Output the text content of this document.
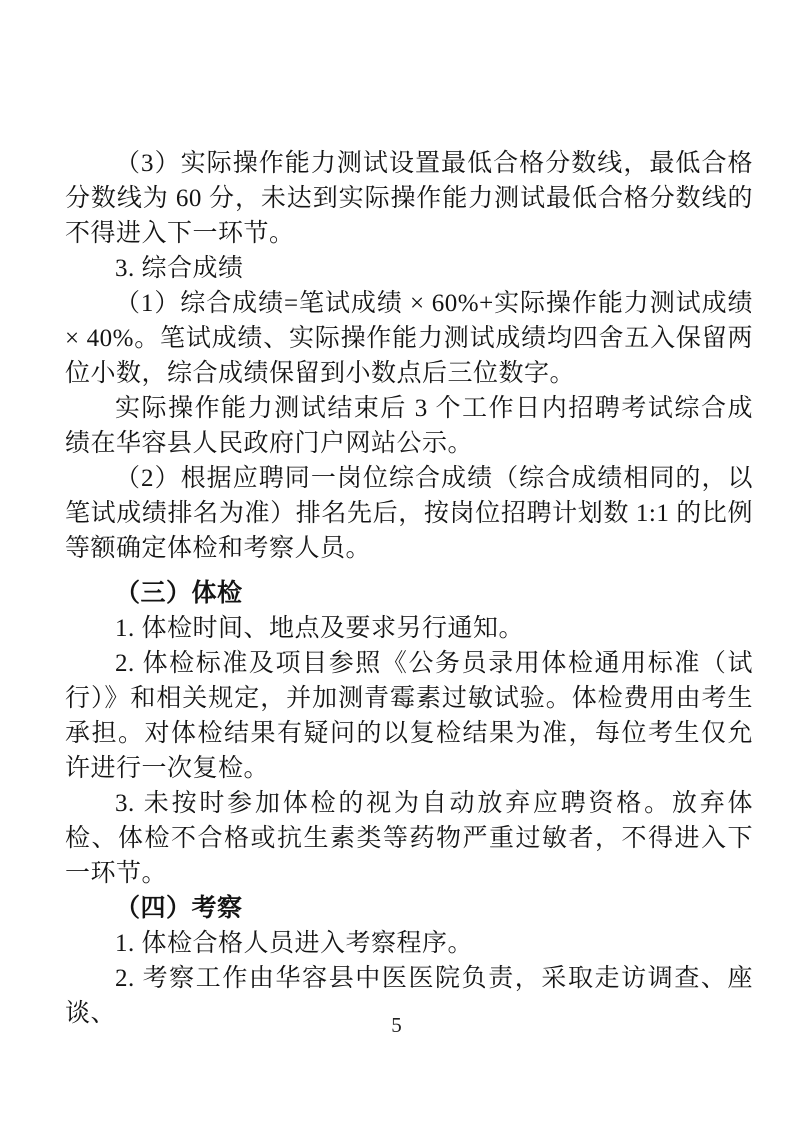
（3）实际操作能力测试设置最低合格分数线，最低合格分数线为 60 分，未达到实际操作能力测试最低合格分数线的不得进入下一环节。

3. 综合成绩

（1）综合成绩=笔试成绩 × 60%+实际操作能力测试成绩 × 40%。笔试成绩、实际操作能力测试成绩均四舍五入保留两位小数，综合成绩保留到小数点后三位数字。

实际操作能力测试结束后 3 个工作日内招聘考试综合成绩在华容县人民政府门户网站公示。

（2）根据应聘同一岗位综合成绩（综合成绩相同的，以笔试成绩排名为准）排名先后，按岗位招聘计划数 1:1 的比例等额确定体检和考察人员。

（三）体检

1. 体检时间、地点及要求另行通知。

2. 体检标准及项目参照《公务员录用体检通用标准（试行）》和相关规定，并加测青霉素过敏试验。体检费用由考生承担。对体检结果有疑问的以复检结果为准，每位考生仅允许进行一次复检。

3. 未按时参加体检的视为自动放弃应聘资格。放弃体检、体检不合格或抗生素类等药物严重过敏者，不得进入下一环节。

（四）考察

1. 体检合格人员进入考察程序。

2. 考察工作由华容县中医医院负责，采取走访调查、座谈、	5
